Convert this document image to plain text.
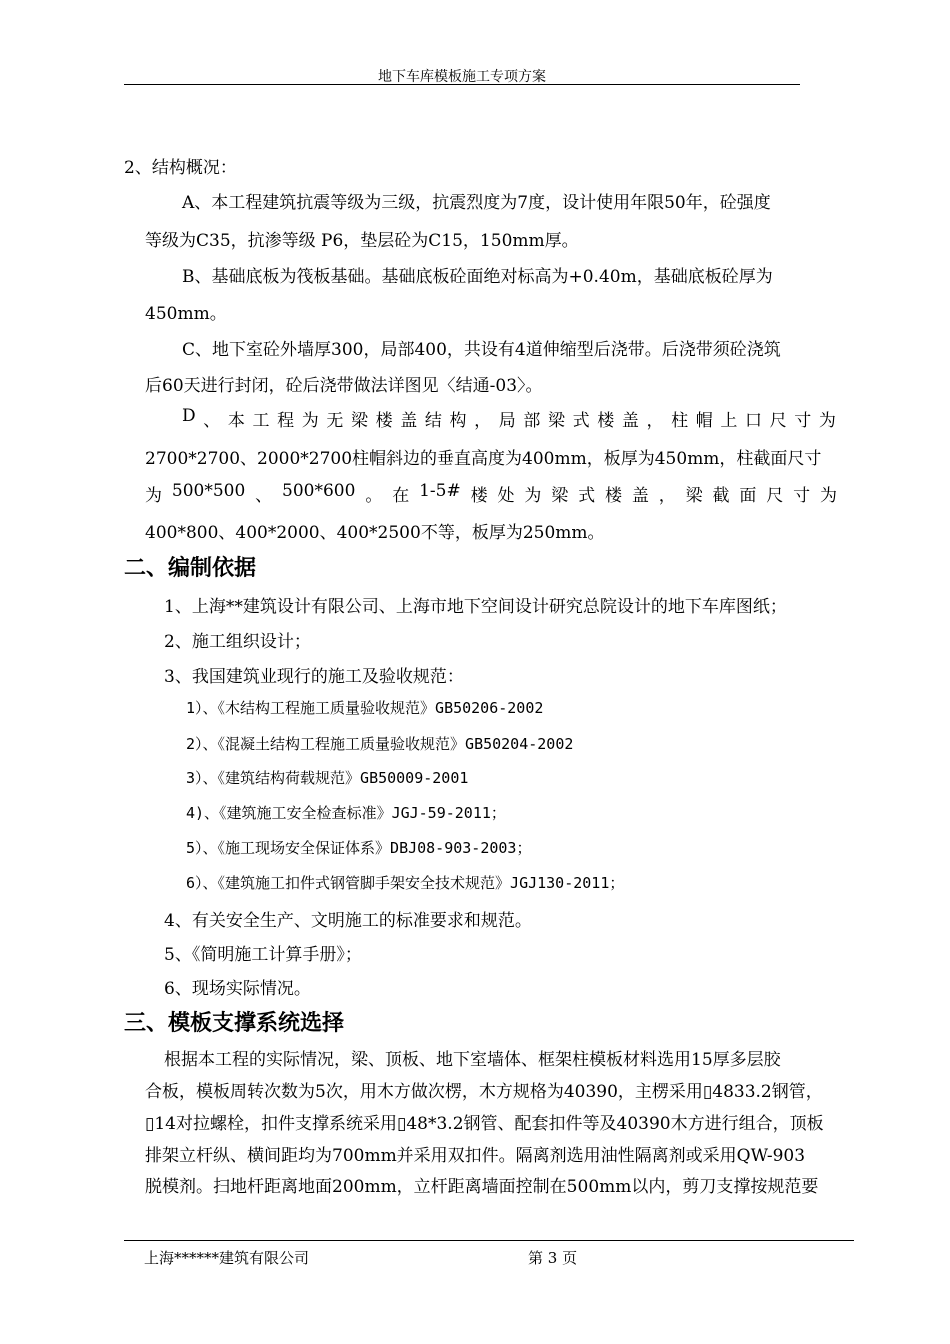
地下车库模板施工专项方案
2、结构概况：
A、本工程建筑抗震等级为三级，抗震烈度为7度，设计使用年限50年，砼强度
等级为C35，抗渗等级 P6，垫层砼为C15，150mm厚。
B、基础底板为筏板基础。基础底板砼面绝对标高为+0.40m，基础底板砼厚为
450mm。
C、地下室砼外墙厚300，局部400，共设有4道伸缩型后浇带。后浇带须砼浇筑
后60天进行封闭，砼后浇带做法详图见〈结通-03〉。
D 、 本 工 程 为 无 梁 楼 盖 结 构 ， 局 部 梁 式 楼 盖 ， 柱 帽 上 口 尺 寸 为
2700*2700、2000*2700柱帽斜边的垂直高度为400mm，板厚为450mm，柱截面尺寸
为 500*500 、 500*600 。 在 1-5# 楼 处 为 梁 式 楼 盖 ， 梁 截 面 尺 寸 为
400*800、400*2000、400*2500不等，板厚为250mm。
二、编制依据
1、上海**建筑设计有限公司、上海市地下空间设计研究总院设计的地下车库图纸；
2、施工组织设计；
3、我国建筑业现行的施工及验收规范：
1）、《木结构工程施工质量验收规范》GB50206-2002
2）、《混凝土结构工程施工质量验收规范》GB50204-2002
3）、《建筑结构荷载规范》GB50009-2001
4)、《建筑施工安全检查标准》JGJ-59-2011；
5）、《施工现场安全保证体系》DBJ08-903-2003；
6）、《建筑施工扣件式钢管脚手架安全技术规范》JGJ130-2011；
4、有关安全生产、文明施工的标准要求和规范。
5、《简明施工计算手册》；
6、现场实际情况。
三、模板支撑系统选择
根据本工程的实际情况，梁、顶板、地下室墙体、框架柱模板材料选用15厚多层胶
合板，模板周转次数为5次，用木方做次楞，木方规格为40390，主楞采用▯4833.2钢管，
▯14对拉螺栓，扣件支撑系统采用▯48*3.2钢管、配套扣件等及40390木方进行组合，顶板
排架立杆纵、横间距均为700mm并采用双扣件。隔离剂选用油性隔离剂或采用QW-903
脱模剂。扫地杆距离地面200mm，立杆距离墙面控制在500mm以内，剪刀支撑按规范要
上海******建筑有限公司	第 3 页
